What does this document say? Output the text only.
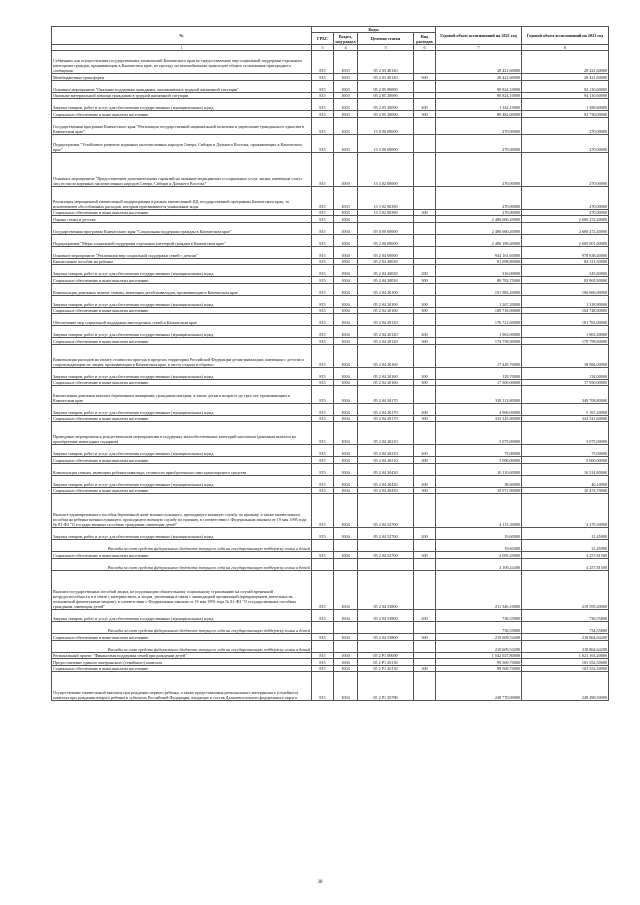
№	Коды				Годовой объем ассигнований на 2021 год	Годовой объем ассигнований на 2022 год
	ГРБС	Раздел, под-раздел	Целевая статья	Вид расходов		
1	3	4	5	6	7	8
Субвенции для осуществления государственных полномочий Камчатского края по предоставлению мер социальной поддержки отдельным категориям граждан, проживающим в Камчатском крае, по проезду на автомобильном транспорте общего пользования пригородного сообщения	815	1003	05 2 03 40140		28 421,60000	28 421,60000
Межбюджетные трансферты	815	1003	05 2 03 40140	500	28 421,60000	28 421,60000
Основное мероприятие "Оказание поддержки гражданам, оказавшимся в трудной жизненной ситуации"	815	1003	05 2 05 00000		90 824,10000	94 110,60000
Оказание материальной помощи гражданам в трудной жизненной ситуации	815	1003	05 2 05 20090		90 824,10000	94 110,60000
Закупка товаров, работ и услуг для обеспечения государственных (муниципальных) нужд	815	1003	05 2 05 20090	200	1 342,10000	1 380,60000
Социальное обеспечение и иные выплаты населению	815	1003	05 2 05 20090	300	89 482,00000	92 730,00000
Государственная программа Камчатского края "Реализация государственной национальной политики и укрепление гражданского единства в Камчатском крае"	815	1003	13 0 00 00000		270,00000	270,00000
Подпрограмма "Устойчивое развитие коренных малочисленных народов Севера, Сибири и Дальнего Востока, проживающих в Камчатском крае"	815	1003	13 3 00 00000		270,00000	270,00000
Основное мероприятие "Предоставление дополнительных гарантий на оказание медицинских и социальных услуг лицам, имеющим статус лиц из числа коренных малочисленных народов Севера, Сибири и Дальнего Востока"	815	1003	13 3 02 00000		270,00000	270,00000
Реализация мероприятий ежемесячной подпрограммы в рамках ежемесячной ЦЦ государственной программы Камчатского края, за исключением обособленных расходов, которым присваиваются уникальные коды	815	1003	13 3 02 00390		270,00000	270,00000
Социальное обеспечение и иные выплаты населению	815	1003	13 3 02 00390	300	270,00000	270,00000
Охрана семьи и детства	815	1004			2 486 660,20000	2 600 472,40000
Государственная программа Камчатского края "Социальная поддержка граждан в Камчатском крае"	815	1004	05 0 00 00000		2 486 660,20000	2 600 472,40000
Подпрограмма "Меры социальной поддержки отдельных категорий граждан в Камчатском крае"	815	1004	05 2 00 00000		2 486 189,40000	2 600 001,60000
Основное мероприятие "Реализация мер социальной поддержки семей с детьми"	815	1004	05 2 04 00000		944 161,60000	978 838,40000
Ежемесячное пособие на ребенка	815	1004	05 2 04 20030		81 098,80000	84 311,50000
Закупка товаров, работ и услуг для обеспечения государственных (муниципальных) нужд	815	1004	05 2 04 20030	200	316,00000	345,60000
Социальное обеспечение и иные выплаты населению	815	1004	05 2 04 20030	300	80 782,75000	83 965,90000
Компенсация денежных выплат семьям, имеющим детей-инвалидов, проживающим в Камчатском крае	815	1004	05 2 04 20100		101 983,20000	106 066,90000
Закупка товаров, работ и услуг для обеспечения государственных (муниципальных) нужд	815	1004	05 2 04 20100	200	1 267,20000	1 318,80000
Социальное обеспечение и иные выплаты населению	815	1004	05 2 04 20100	300	100 716,00000	104 748,00000
Обеспечение мер социальной поддержки многодетных семей в Камчатском крае	815	1004	05 2 04 20120		176 721,60000	181 763,00000
Закупка товаров, работ и услуг для обеспечения государственных (муниципальных) нужд	815	1004	05 2 04 20120	200	1 963,00000	1 963,40000
Социальное обеспечение и иные выплаты населению	815	1004	05 2 04 20120	300	174 758,00000	179 799,60000
Компенсация расходов на оплату стоимости проезда в пределах территории Российской Федерации детям-инвалидам, имеющим с детства и сопровождающим их лицам, проживающим в Камчатском крае, к месту отдыха и обратно	815	1004	05 2 04 20160		17 429,70000	18 084,00000
Закупка товаров, работ и услуг для обеспечения государственных (муниципальных) нужд	815	1004	05 2 04 20160	200	129,70000	134,00000
Социальное обеспечение и иные выплаты населению	815	1004	05 2 04 20160	300	17 300,00000	17 950,00000
Ежемесячная денежная выплата беременным женщинам, гражданам матерям, в также детям в возрасте до трех лет, проживающим в Камчатском крае	815	1004	05 2 04 20170		338 113,80000	349 708,80000
Закупка товаров, работ и услуг для обеспечения государственных (муниципальных) нужд	815	1004	05 2 04 20170	200	4 968,00000	5 167,20000
Социальное обеспечение и иные выплаты населению	815	1004	05 2 04 20170	300	333 145,80000	344 541,60000
Проведение мероприятия к рождественским мероприятиям в поддержку малообеспеченных категорий населения (денежная выплата на приобретение новогодних подарков)	815	1004	05 2 04 20210		5 075,00000	5 075,00000
Закупка товаров, работ и услуг для обеспечения государственных (муниципальных) нужд	815	1004	05 2 04 20210	200	75,00000	75,00000
Социальное обеспечение и иные выплаты населению	815	1004	05 2 04 20210	300	5 000,00000	5 000,00000
Компенсация семьям, имеющим ребенка-инвалида, стоимости приобретенного ими транспортного средства	815	1004	05 2 04 20430		10 110,60000	10 514,80000
Закупка товаров, работ и услуг для обеспечения государственных (муниципальных) нужд	815	1004	05 2 04 20430	200	38,60000	40,10000
Социальное обеспечение и иные выплаты населению	815	1004	05 2 04 20430	300	10 071,90000	10 474,70000
Выплата единовременного пособия беременной жене военнослужащего, проходящего военную службу по призыву, а также ежемесячного пособия на ребенка военнослужащего, проходящего военную службу по призыву, в соответствии с Федеральным законом от 19 мая 1995 года № 81-ФЗ "О государственных пособиях гражданам, имеющим детей"	815	1004	05 2 04 52700		4 115,30000	4 279,30000
Закупка товаров, работ и услуг для обеспечения государственных (муниципальных) нужд	815	1004	05 2 04 52700	200	19,60000	21,45900
Расходы за счет средств федерального бюджета текущего года на государственную поддержку семьи и детей					19,60400	21,45900
Социальное обеспечение и иные выплаты населению	815	1004	05 2 04 52700	300	4 095,20000	4 257,81500
Расходы за счет средств федерального бюджета текущего года на государственную поддержку семьи и детей					4 109,24400	4 257,81500
Выплата государственных пособий лицам, не подлежащим обязательному социальному страхованию на случай временной нетрудоспособности и в связи с материнством, и лицам, уволенным в связи с ликвидацией организаций (прекращением деятельности, полномочий физическими лицами), в соответствии с Федеральным законом от 19 мая 1995 года № 81-ФЗ "О государственных пособиях гражданам, имеющим детей"	815	1004	05 2 04 53800		211 346,10000	219 595,20000
Закупка товаров, работ и услуг для обеспечения государственных (муниципальных) нужд	815	1004	05 2 04 53800	200	736,55800	730,55800
Расходы за счет средств федерального бюджета текущего года на государственную поддержку семьи и детей					736,55800	734,55800
Социальное обеспечение и иные выплаты населению	815	1004	05 2 04 53800	300	210 609,54200	218 864,64200
Расходы за счет средств федерального бюджета текущего года на государственную поддержку семьи и детей					210 609,54200	218 864,64200
Региональный проект "Финансовая поддержка семей при рождении детей"	815	1004	05 2 P1 00000		1 542 027,80000	1 621 163,20000
Предоставление единого материнского (семейного) капитала	815	1004	05 2 P1 20130		99 569,70000	103 552,50000
Социальное обеспечение и иные выплаты населению	815	1004	05 2 P1 20130	300	99 569,70000	103 552,50000
Осуществление ежемесячной выплаты при рождении первого ребенка, а также предоставления регионального материнского (семейного) капитала при рождении второго ребенка в субъектах Российской Федерации, входящих в состав Дальневосточного федерального округа	815	1004	05 2 P1 50780		248 770,00000	248 490,50000
38
